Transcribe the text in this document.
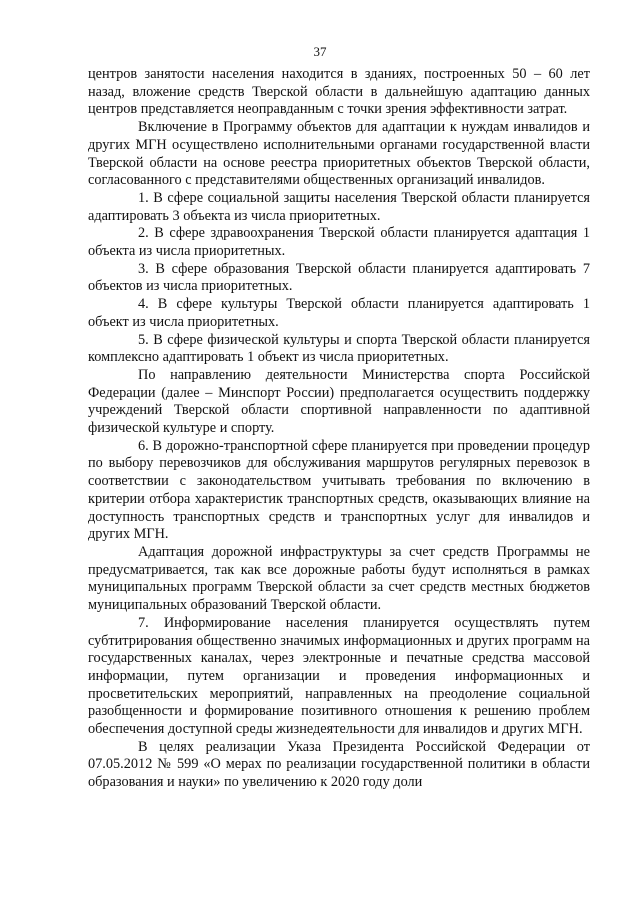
37

центров занятости населения находится в зданиях, построенных 50 – 60 лет назад, вложение средств Тверской области в дальнейшую адаптацию данных центров представляется неоправданным с точки зрения эффективности затрат.

Включение в Программу объектов для адаптации к нуждам инвалидов и других МГН осуществлено исполнительными органами государственной власти Тверской области на основе реестра приоритетных объектов Тверской области, согласованного с представителями общественных организаций инвалидов.

1. В сфере социальной защиты населения Тверской области планируется адаптировать 3 объекта из числа приоритетных.

2. В сфере здравоохранения Тверской области планируется адаптация 1 объекта из числа приоритетных.

3. В сфере образования Тверской области планируется адаптировать 7 объектов из числа приоритетных.

4. В сфере культуры Тверской области планируется адаптировать 1 объект из числа приоритетных.

5. В сфере физической культуры и спорта Тверской области планируется комплексно адаптировать 1 объект из числа приоритетных.

По направлению деятельности Министерства спорта Российской Федерации (далее – Минспорт России) предполагается осуществить поддержку учреждений Тверской области спортивной направленности по адаптивной физической культуре и спорту.

6. В дорожно-транспортной сфере планируется при проведении процедур по выбору перевозчиков для обслуживания маршрутов регулярных перевозок в соответствии с законодательством учитывать требования по включению в критерии отбора характеристик транспортных средств, оказывающих влияние на доступность транспортных средств и транспортных услуг для инвалидов и других МГН.

Адаптация дорожной инфраструктуры за счет средств Программы не предусматривается, так как все дорожные работы будут исполняться в рамках муниципальных программ Тверской области за счет средств местных бюджетов муниципальных образований Тверской области.

7. Информирование населения планируется осуществлять путем субтитрирования общественно значимых информационных и других программ на государственных каналах, через электронные и печатные средства массовой информации, путем организации и проведения информационных и просветительских мероприятий, направленных на преодоление социальной разобщенности и формирование позитивного отношения к решению проблем обеспечения доступной среды жизнедеятельности для инвалидов и других МГН.

В целях реализации Указа Президента Российской Федерации от 07.05.2012 № 599 «О мерах по реализации государственной политики в области образования и науки» по увеличению к 2020 году доли
